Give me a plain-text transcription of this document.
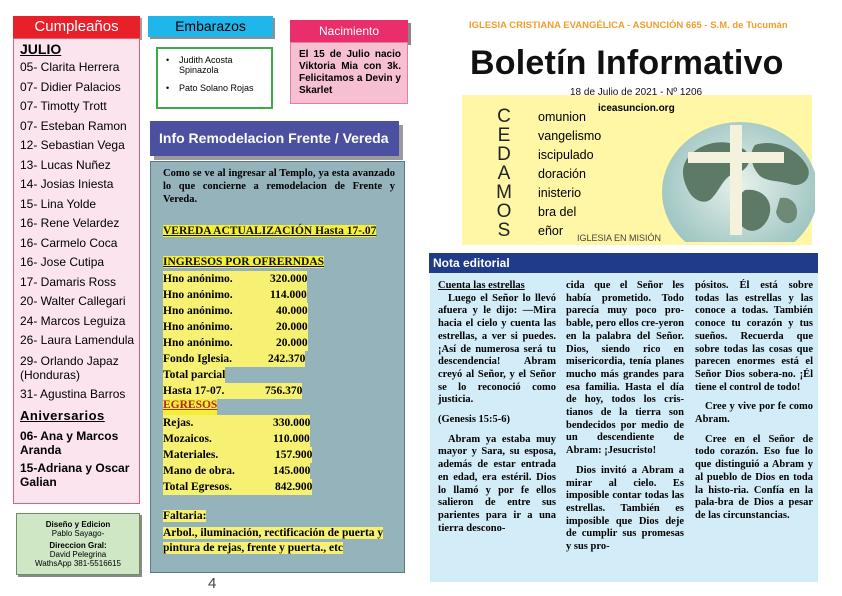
Cumpleaños
JULIO
05- Clarita Herrera
07- Didier Palacios
07- Timotty Trott
07- Esteban Ramon
12- Sebastian Vega
13- Lucas Nuñez
14- Josias Iniesta
15- Lina Yolde
16- Rene Velardez
16- Carmelo Coca
16- Jose Cutipa
17- Damaris Ross
20- Walter Callegari
24- Marcos Leguiza
26- Laura Lamendula
29- Orlando Japaz (Honduras)
31- Agustina Barros
Aniversarios
06- Ana y Marcos Aranda
15-Adriana y Oscar Galian
Diseño y Edicion
Pablo Sayago-
Direccion Gral:
David Pelegrina
WathsApp 381-5516615
Embarazos
• Judith Acosta Spinazola
• Pato Solano Rojas
Nacimiento
El 15 de Julio nacio Viktoria Mia con 3k. Felicitamos a Devin y Skarlet
Info Remodelacion Frente / Vereda
Como se ve al ingresar al Templo, ya esta avanzado lo que concierne a remodelacion de Frente y Vereda.
VEREDA ACTUALIZACIÓN Hasta 17-.07
INGRESOS POR OFRERNDAS
Hno anónimo.	320.000
Hno anónimo.	114.000
Hno anónimo.	40.000
Hno anónimo.	20.000
Hno anónimo.	20.000
Fondo Iglesia.	242.370
Total parcial
Hasta 17-07.	756.370
EGRESOS
Rejas.	330.000
Mozaicos.	110.000
Materiales.	157.900
Mano de obra.	145.000
Total Egresos.	842.900
Faltaria:
Arbol., iluminación, rectificación de puerta y pintura de rejas, frente y puerta., etc
4
IGLESIA CRISTIANA EVANGÉLICA - ASUNCIÓN 665 - S.M. de Tucumán
Boletín Informativo
iceasuncion.org
C omunion
E vangelismo
D iscipulado
A doración
M inisterio
O bra del
S eñor IGLESIA EN MISIÓN
18 de Julio de 2021 - Nº 1206
Nota editorial

Cuenta las estrellas

Luego el Señor lo llevó afuera y le dijo: —Mira hacia el cielo y cuenta las estrellas, a ver si puedes. ¡Así de numerosa será tu descendencia! Abram creyó al Señor, y el Señor se lo reconoció como justicia.

(Genesis 15:5-6)

Abram ya estaba muy mayor y Sara, su esposa, además de estar entrada en edad, era estéril. Dios lo llamó y por fe ellos salieron de entre sus parientes para ir a una tierra descono-

cida que el Señor les había prometido. Todo parecía muy poco pro-bable, pero ellos cre-yeron en la palabra del Señor. Dios, siendo rico en misericordia, tenía planes mucho más grandes para esa familia. Hasta el día de hoy, todos los cris-tianos de la tierra son bendecidos por medio de un descendiente de Abram: ¡Jesucristo!

Dios invitó a Abram a mirar al cielo. Es imposible contar todas las estrellas. También es imposible que Dios deje de cumplir sus promesas y sus pro-

pósitos. Él está sobre todas las estrellas y las conoce a todas. También conoce tu corazón y tus sueños. Recuerda que sobre todas las cosas que parecen enormes está el Señor Dios sobera-no. ¡Él tiene el control de todo!

Cree y vive por fe como Abram.

Cree en el Señor de todo corazón. Eso fue lo que distinguió a Abram y al pueblo de Dios en toda la histo-ria. Confía en la pala-bra de Dios a pesar de las circunstancias.
